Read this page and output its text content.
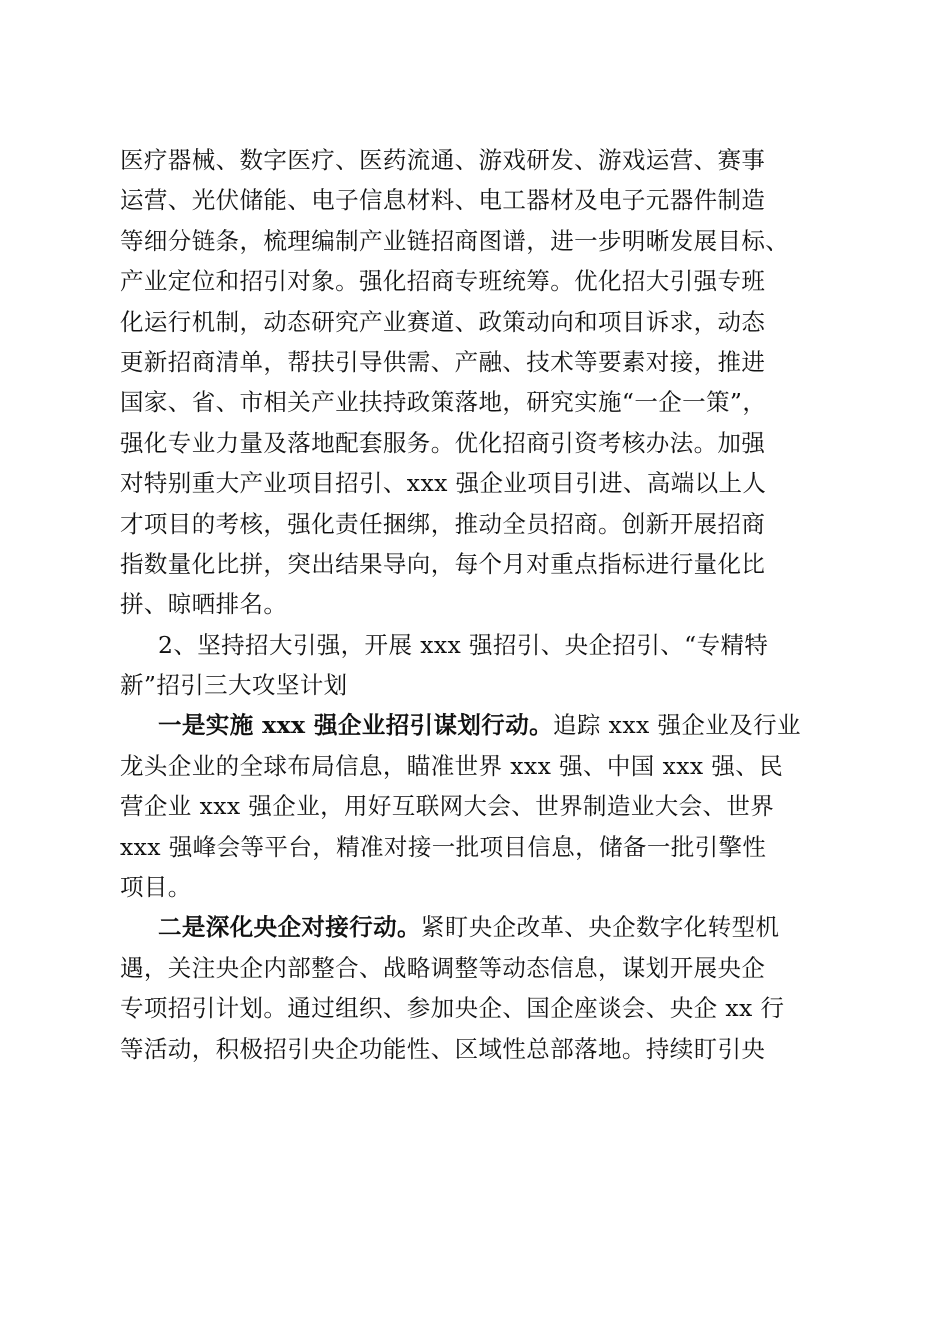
医疗器械、数字医疗、医药流通、游戏研发、游戏运营、赛事
运营、光伏储能、电子信息材料、电工器材及电子元器件制造
等细分链条，梳理编制产业链招商图谱，进一步明晰发展目标、
产业定位和招引对象。强化招商专班统筹。优化招大引强专班
化运行机制，动态研究产业赛道、政策动向和项目诉求，动态
更新招商清单，帮扶引导供需、产融、技术等要素对接，推进
国家、省、市相关产业扶持政策落地，研究实施“一企一策”，
强化专业力量及落地配套服务。优化招商引资考核办法。加强
对特别重大产业项目招引、xxx 强企业项目引进、高端以上人
才项目的考核，强化责任捆绑，推动全员招商。创新开展招商
指数量化比拼，突出结果导向，每个月对重点指标进行量化比
拼、晾晒排名。
2、坚持招大引强，开展 xxx 强招引、央企招引、“专精特
新”招引三大攻坚计划
一是实施 xxx 强企业招引谋划行动。追踪 xxx 强企业及行业
龙头企业的全球布局信息，瞄准世界 xxx 强、中国 xxx 强、民
营企业 xxx 强企业，用好互联网大会、世界制造业大会、世界
xxx 强峰会等平台，精准对接一批项目信息，储备一批引擎性
项目。
二是深化央企对接行动。紧盯央企改革、央企数字化转型机
遇，关注央企内部整合、战略调整等动态信息，谋划开展央企
专项招引计划。通过组织、参加央企、国企座谈会、央企 xx 行
等活动，积极招引央企功能性、区域性总部落地。持续盯引央
